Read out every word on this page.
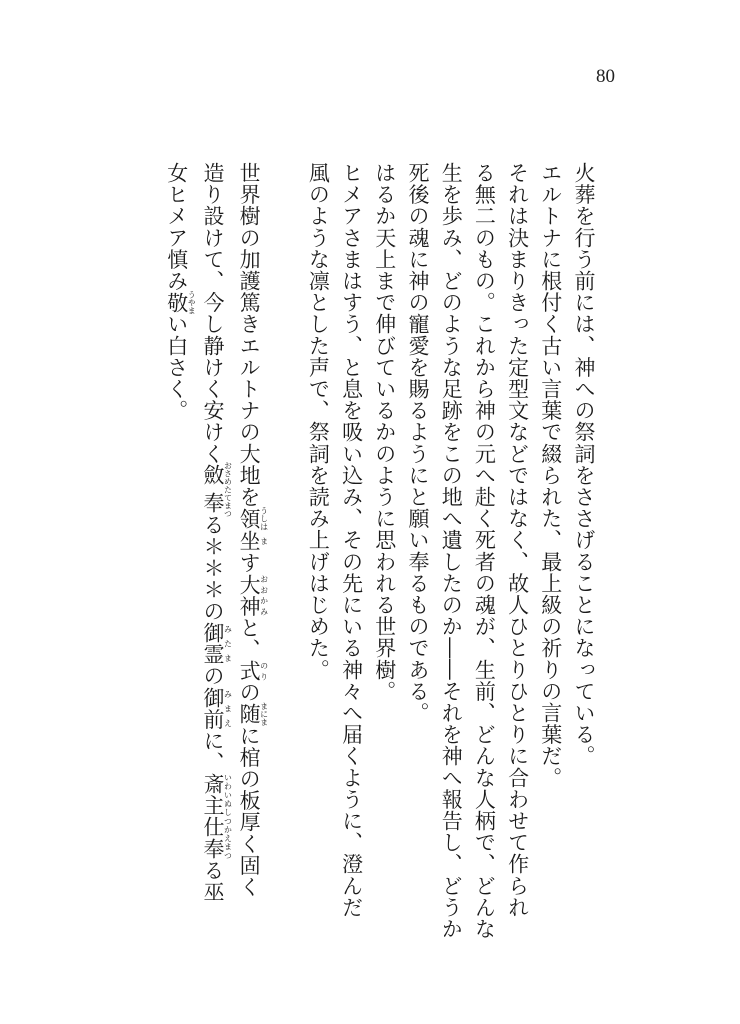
80

火葬を行う前には、神への祭詞をささげることになっている。

エルトナに根付く古い言葉で綴られた、最上級の祈りの言葉だ。

それは決まりきった定型文などではなく、故人ひとりひとりに合わせて作られ

る無二のもの。これから神の元へ赴く死者の魂が、生前、どんな人柄で、どんな

生を歩み、どのような足跡をこの地へ遺したのか――それを神へ報告し、どうか

死後の魂に神の寵愛を賜るようにと願い奉るものである。

はるか天上まで伸びているかのように思われる世界樹。

ヒメアさまはすう、と息を吸い込み、その先にいる神々へ届くように、澄んだ

風のような凛とした声で、祭詞を読み上げはじめた。

世界樹の加護篤きエルトナの大地を領うしは坐ます大神おおかみと、式のりの随まにまに棺の板厚く固く

造り設けて、今し静けく安けく斂奉おさめたてまつる＊＊＊の御霊みたまの御前みまえに、斎主仕奉いわいぬしつかえまつる巫

女ヒメア慎み敬うやまい白さく。
